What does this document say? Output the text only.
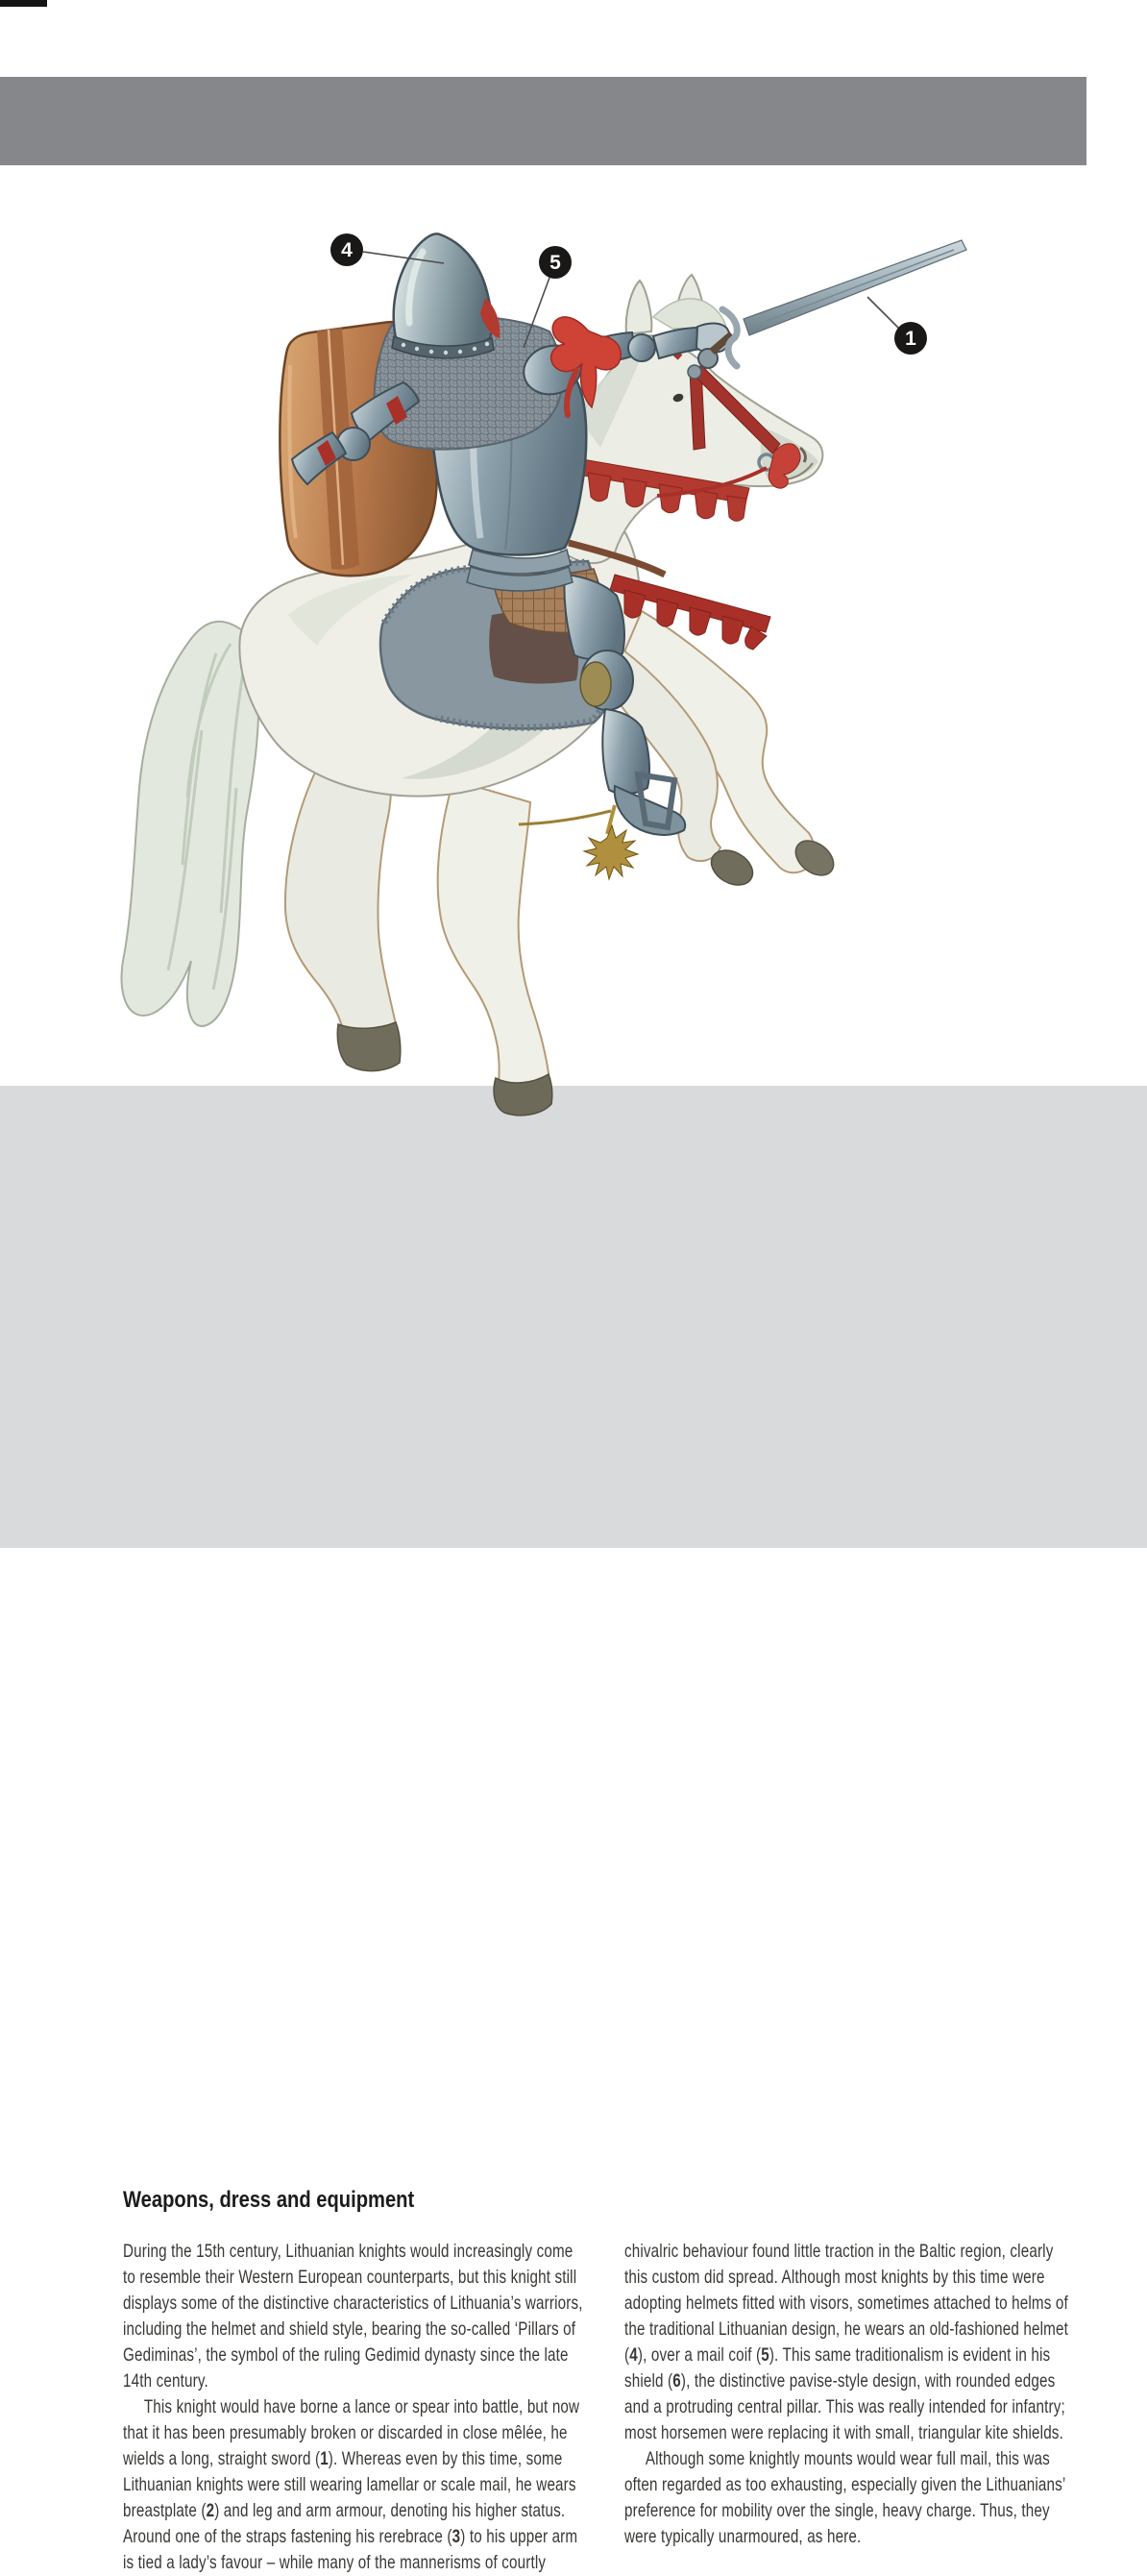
Grunwald, 1410
Weapons, dress and equipment

During the 15th century, Lithuanian knights would increasingly come to resemble their Western European counterparts, but this knight still displays some of the distinctive characteristics of Lithuania’s warriors, including the helmet and shield style, bearing the so-called ‘Pillars of Gediminas’, the symbol of the ruling Gedimid dynasty since the late 14th century.

This knight would have borne a lance or spear into battle, but now that it has been presumably broken or discarded in close mêlée, he wields a long, straight sword (1). Whereas even by this time, some Lithuanian knights were still wearing lamellar or scale mail, he wears breastplate (2) and leg and arm armour, denoting his higher status. Around one of the straps fastening his rerebrace (3) to his upper arm is tied a lady’s favour – while many of the mannerisms of courtly

chivalric behaviour found little traction in the Baltic region, clearly this custom did spread. Although most knights by this time were adopting helmets fitted with visors, sometimes attached to helms of the traditional Lithuanian design, he wears an old-fashioned helmet (4), over a mail coif (5). This same traditionalism is evident in his shield (6), the distinctive pavise-style design, with rounded edges and a protruding central pillar. This was really intended for infantry; most horsemen were replacing it with small, triangular kite shields.

Although some knightly mounts would wear full mail, this was often regarded as too exhausting, especially given the Lithuanians’ preference for mobility over the single, heavy charge. Thus, they were typically unarmoured, as here.

4
5
1
